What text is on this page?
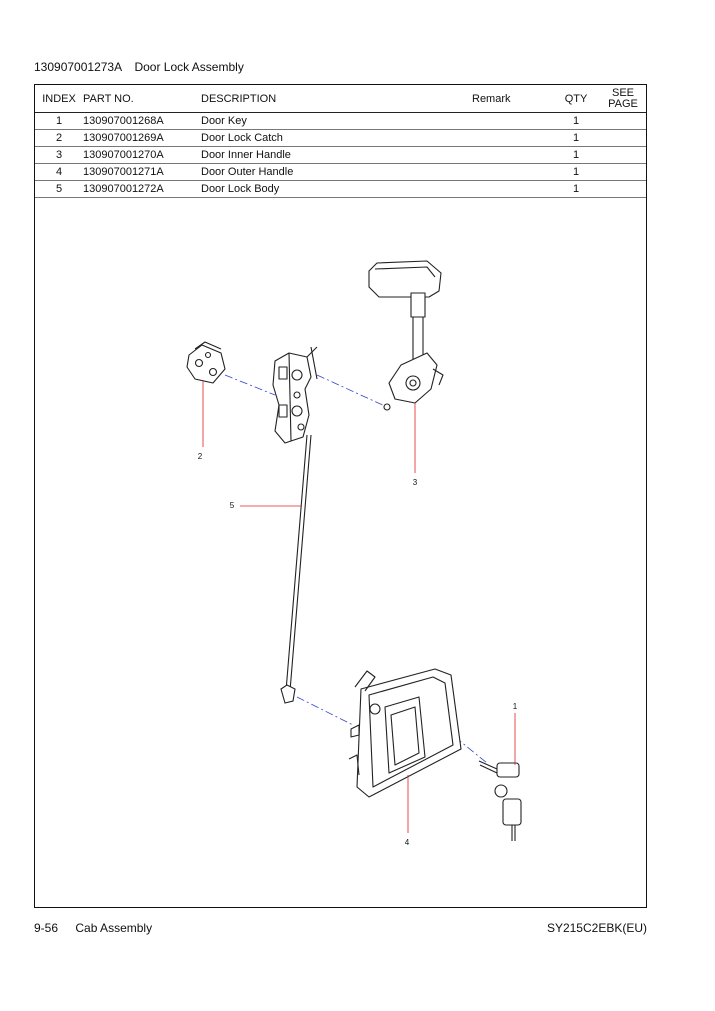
130907001273A Door Lock Assembly
INDEX	PART NO.	DESCRIPTION	Remark	QTY	SEE
PAGE

1	130907001268A	Door Key		1	
2	130907001269A	Door Lock Catch		1	
3	130907001270A	Door Inner Handle		1	
4	130907001271A	Door Outer Handle		1	
5	130907001272A	Door Lock Body		1	
1
2
3
4
5
9-56 Cab Assembly	SY215C2EBK(EU)
